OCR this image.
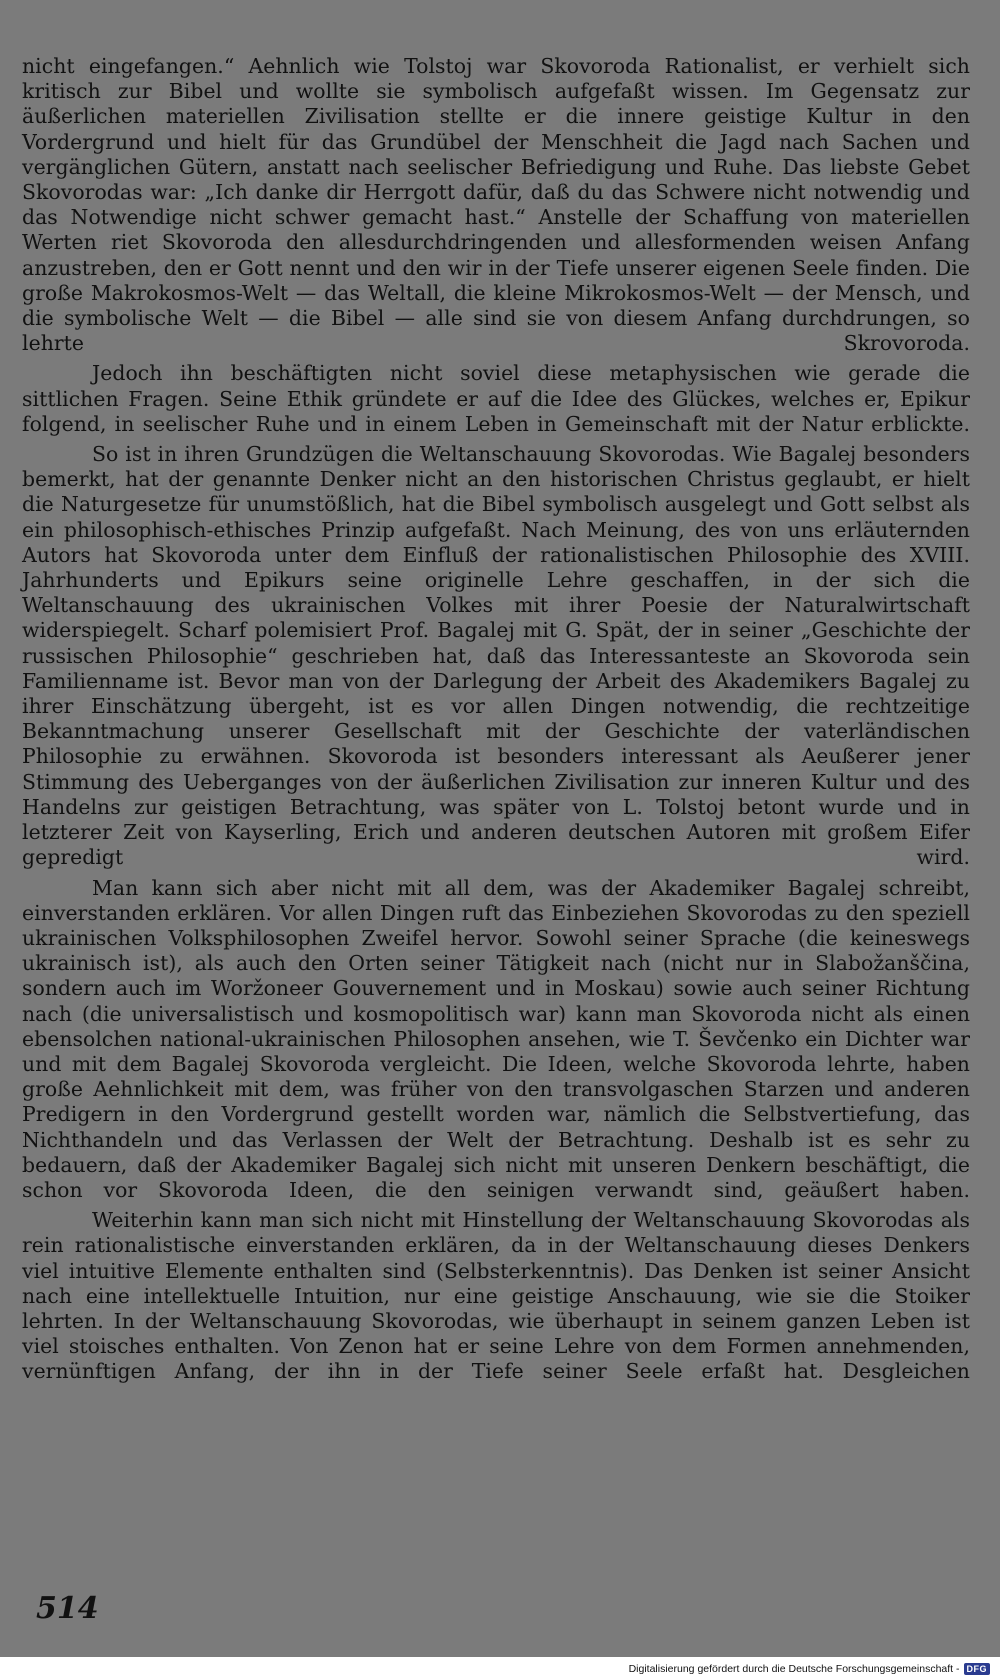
nicht eingefangen.“ Aehnlich wie Tolstoj war Skovoroda Rationalist, er verhielt sich kritisch zur Bibel und wollte sie symbolisch aufgefaßt wissen. Im Gegensatz zur äußerlichen materiellen Zivilisation stellte er die innere geistige Kultur in den Vordergrund und hielt für das Grundübel der Menschheit die Jagd nach Sachen und vergänglichen Gütern, anstatt nach seelischer Befriedigung und Ruhe. Das liebste Gebet Skovorodas war: „Ich danke dir Herrgott dafür, daß du das Schwere nicht notwendig und das Notwendige nicht schwer gemacht hast.“ Anstelle der Schaffung von materiellen Werten riet Skovoroda den allesdurchdringenden und allesformenden weisen Anfang anzustreben, den er Gott nennt und den wir in der Tiefe unserer eigenen Seele finden. Die große Makrokosmos-Welt — das Weltall, die kleine Mikrokosmos-Welt — der Mensch, und die symbolische Welt — die Bibel — alle sind sie von diesem Anfang durchdrungen, so lehrte Skrovoroda.

Jedoch ihn beschäftigten nicht soviel diese metaphysischen wie gerade die sittlichen Fragen. Seine Ethik gründete er auf die Idee des Glückes, welches er, Epikur folgend, in seelischer Ruhe und in einem Leben in Gemeinschaft mit der Natur erblickte.

So ist in ihren Grundzügen die Weltanschauung Skovorodas. Wie Bagalej besonders bemerkt, hat der genannte Denker nicht an den historischen Christus geglaubt, er hielt die Naturgesetze für unumstößlich, hat die Bibel symbolisch ausgelegt und Gott selbst als ein philosophisch-ethisches Prinzip aufgefaßt. Nach Meinung, des von uns erläuternden Autors hat Skovoroda unter dem Einfluß der rationalistischen Philosophie des XVIII. Jahrhunderts und Epikurs seine originelle Lehre geschaffen, in der sich die Weltanschauung des ukrainischen Volkes mit ihrer Poesie der Naturalwirtschaft widerspiegelt. Scharf polemisiert Prof. Bagalej mit G. Spät, der in seiner „Geschichte der russischen Philosophie“ geschrieben hat, daß das Interessanteste an Skovoroda sein Familienname ist. Bevor man von der Darlegung der Arbeit des Akademikers Bagalej zu ihrer Einschätzung übergeht, ist es vor allen Dingen notwendig, die rechtzeitige Bekanntmachung unserer Gesellschaft mit der Geschichte der vaterländischen Philosophie zu erwähnen. Skovoroda ist besonders interessant als Aeußerer jener Stimmung des Ueberganges von der äußerlichen Zivilisation zur inneren Kultur und des Handelns zur geistigen Betrachtung, was später von L. Tolstoj betont wurde und in letzterer Zeit von Kayserling, Erich und anderen deutschen Autoren mit großem Eifer gepredigt wird.

Man kann sich aber nicht mit all dem, was der Akademiker Bagalej schreibt, einverstanden erklären. Vor allen Dingen ruft das Einbeziehen Skovorodas zu den speziell ukrainischen Volksphilosophen Zweifel hervor. Sowohl seiner Sprache (die keineswegs ukrainisch ist), als auch den Orten seiner Tätigkeit nach (nicht nur in Slabožanščina, sondern auch im Woržoneer Gouvernement und in Moskau) sowie auch seiner Richtung nach (die universalistisch und kosmopolitisch war) kann man Skovoroda nicht als einen ebensolchen national-ukrainischen Philosophen ansehen, wie T. Ševčenko ein Dichter war und mit dem Bagalej Skovoroda vergleicht. Die Ideen, welche Skovoroda lehrte, haben große Aehnlichkeit mit dem, was früher von den transvolgaschen Starzen und anderen Predigern in den Vordergrund gestellt worden war, nämlich die Selbstvertiefung, das Nichthandeln und das Verlassen der Welt der Betrachtung. Deshalb ist es sehr zu bedauern, daß der Akademiker Bagalej sich nicht mit unseren Denkern beschäftigt, die schon vor Skovoroda Ideen, die den seinigen verwandt sind, geäußert haben.

Weiterhin kann man sich nicht mit Hinstellung der Weltanschauung Skovorodas als rein rationalistische einverstanden erklären, da in der Weltanschauung dieses Denkers viel intuitive Elemente enthalten sind (Selbsterkenntnis). Das Denken ist seiner Ansicht nach eine intellektuelle Intuition, nur eine geistige Anschauung, wie sie die Stoiker lehrten. In der Weltanschauung Skovorodas, wie überhaupt in seinem ganzen Leben ist viel stoisches enthalten. Von Zenon hat er seine Lehre von dem Formen annehmenden, vernünftigen Anfang, der ihn in der Tiefe seiner Seele erfaßt hat. Desgleichen

514
Digitalisierung gefördert durch die Deutsche Forschungsgemeinschaft - DFG
